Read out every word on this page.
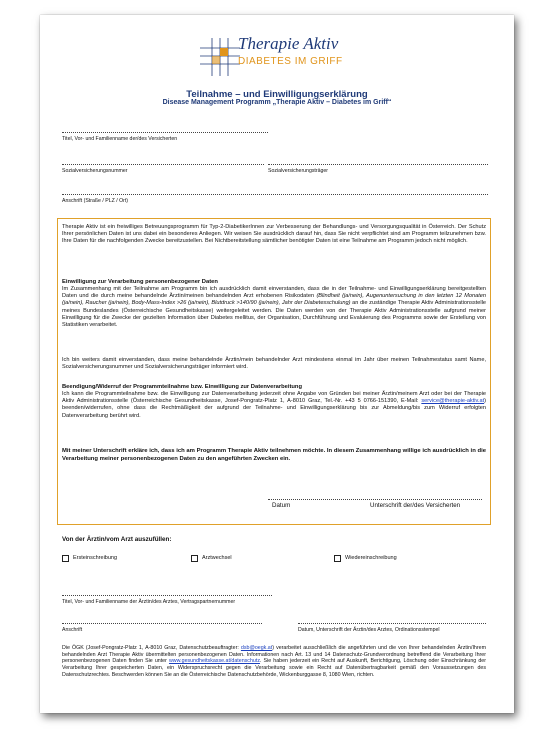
Therapie Aktiv
DIABETES IM GRIFF
Teilnahme – und Einwilligungserklärung
Disease Management Programm „Therapie Aktiv – Diabetes im Griff“
Titel, Vor- und Familienname der/des Versicherten
Sozialversicherungsnummer	Sozialversicherungsträger
Anschrift (Straße / PLZ / Ort)
Therapie Aktiv ist ein freiwilliges Betreuungsprogramm für Typ-2-DiabetikerInnen zur Verbesserung der Behandlungs- und Versorgungsqualität in Österreich. Der Schutz Ihrer persönlichen Daten ist uns dabei ein besonderes Anliegen. Wir weisen Sie ausdrücklich darauf hin, dass Sie nicht verpflichtet sind am Programm teilzunehmen bzw. Ihre Daten für die nachfolgenden Zwecke bereitzustellen. Bei Nichtbereitstellung sämtlicher benötigter Daten ist eine Teilnahme am Programm jedoch nicht möglich.
Einwilligung zur Verarbeitung personenbezogener Daten
Im Zusammenhang mit der Teilnahme am Programm bin ich ausdrücklich damit einverstanden, dass die in der Teilnahme- und Einwilligungserklärung bereitgestellten Daten und die durch meine behandelnde Ärztin/meinen behandelnden Arzt erhobenen Risikodaten (Blindheit (ja/nein), Augenuntersuchung in den letzten 12 Monaten (ja/nein), Raucher (ja/nein), Body-Mass-Index >26 (ja/nein), Blutdruck >140/90 (ja/nein), Jahr der Diabetesschulung) an die zuständige Therapie Aktiv Administrationsstelle meines Bundeslandes (Österreichische Gesundheitskasse) weitergeleitet werden. Die Daten werden von der Therapie Aktiv Administrationsstelle aufgrund meiner Einwilligung für die Zwecke der gezielten Information über Diabetes mellitus, der Organisation, Durchführung und Evaluierung des Programms sowie der Erstellung von Statistiken verarbeitet.
Ich bin weiters damit einverstanden, dass meine behandelnde Ärztin/mein behandelnder Arzt mindestens einmal im Jahr über meinen Teilnahmestatus samt Name, Sozialversicherungsnummer und Sozialversicherungsträger informiert wird.
Beendigung/Widerruf der Programmteilnahme bzw. Einwilligung zur Datenverarbeitung
Ich kann die Programmteilnahme bzw. die Einwilligung zur Datenverarbeitung jederzeit ohne Angabe von Gründen bei meiner Ärztin/meinem Arzt oder bei der Therapie Aktiv Administrationsstelle (Österreichische Gesundheitskasse, Josef-Pongratz-Platz 1, A-8010 Graz, Tel.-Nr. +43 5 0766-151390, E-Mail: service@therapie-aktiv.at) beenden/widerrufen, ohne dass die Rechtmäßigkeit der aufgrund der Teilnahme- und Einwilligungserklärung bis zur Abmeldung/bis zum Widerruf erfolgten Datenverarbeitung berührt wird.
Mit meiner Unterschrift erkläre ich, dass ich am Programm Therapie Aktiv teilnehmen möchte. In diesem Zusammenhang willige ich ausdrücklich in die Verarbeitung meiner personenbezogenen Daten zu den angeführten Zwecken ein.
Datum	Unterschrift der/des Versicherten
Von der Ärztin/vom Arzt auszufüllen:
Ersteinschreibung	Arztwechsel	Wiedereinschreibung
Titel, Vor- und Familienname der Ärztin/des Arztes, Vertragspartnernummer
Anschrift	Datum, Unterschrift der Ärztin/des Arztes, Ordinationsstempel
Die ÖGK (Josef-Pongratz-Platz 1, A-8010 Graz, Datenschutzbeauftragter: dsb@oegk.at) verarbeitet ausschließlich die angeführten und die von Ihrer behandelnden Ärztin/Ihrem behandelnden Arzt Therapie Aktiv übermittelten personenbezogenen Daten. Informationen nach Art. 13 und 14 Datenschutz-Grundverordnung betreffend die Verarbeitung Ihrer personenbezogenen Daten finden Sie unter www.gesundheitskasse.at/datenschutz. Sie haben jederzeit ein Recht auf Auskunft, Berichtigung, Löschung oder Einschränkung der Verarbeitung Ihrer gespeicherten Daten, ein Widerspruchsrecht gegen die Verarbeitung sowie ein Recht auf Datenübertragbarkeit gemäß den Voraussetzungen des Datenschutzrechtes. Beschwerden können Sie an die Österreichische Datenschutzbehörde, Wickenburggasse 8, 1080 Wien, richten.
